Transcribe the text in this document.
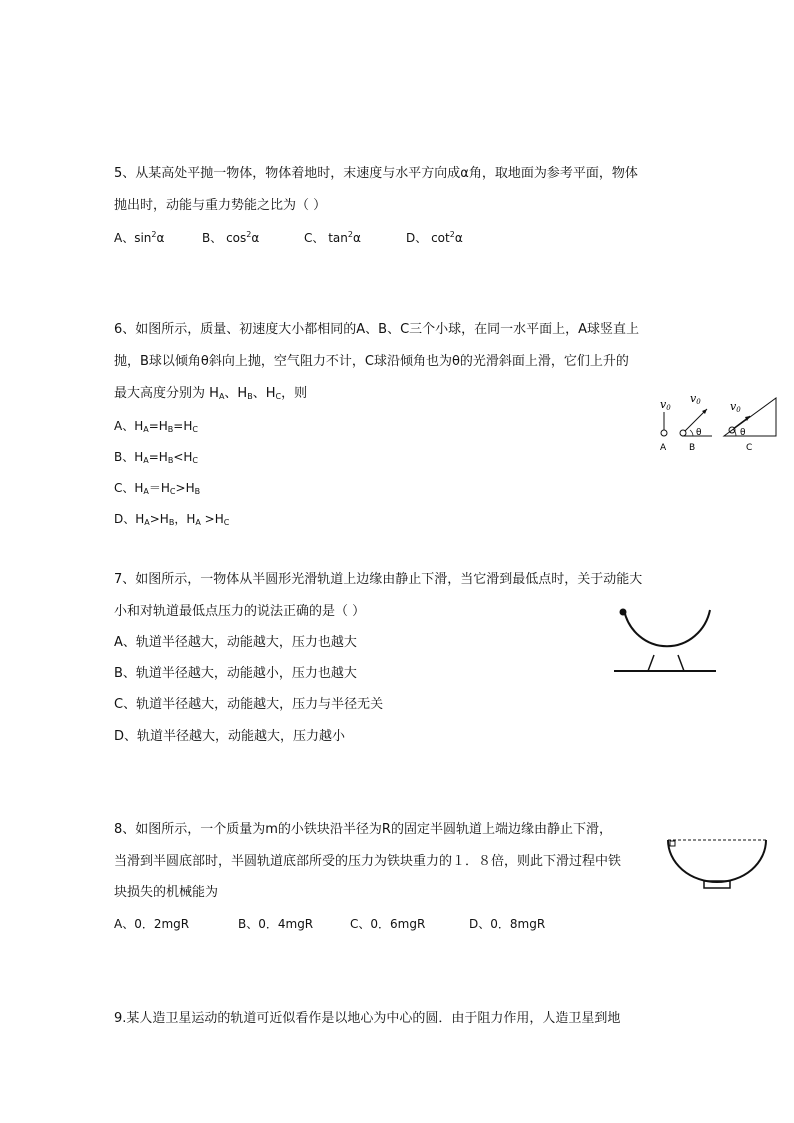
5、从某高处平抛一物体，物体着地时，末速度与水平方向成α角，取地面为参考平面，物体
抛出时，动能与重力势能之比为（ ）
A、$\sin^2\alpha$	B、 $\cos^2\alpha$	C、 $\tan^2\alpha$	D、 $\cot^2\alpha$
6、如图所示，质量、初速度大小都相同的A、B、C三个小球，在同一水平面上，A球竖直上
抛，B球以倾角θ斜向上抛，空气阻力不计，C球沿倾角也为θ的光滑斜面上滑，它们上升的
最大高度分别为 $H_A$、$H_B$、$H_C$，则
A、$H_A=H_B=H_C$
B、$H_A=H_B<H_C$
C、$H_A=H_C>H_B$
D、$H_A>H_B$，$H_A >H_C$
v0
A
θ
v0
B
θ
v0
C
7、如图所示，一物体从半圆形光滑轨道上边缘由静止下滑，当它滑到最低点时，关于动能大
小和对轨道最低点压力的说法正确的是（ ）
A、轨道半径越大，动能越大，压力也越大
B、轨道半径越大，动能越小，压力也越大
C、轨道半径越大，动能越大，压力与半径无关
D、轨道半径越大，动能越大，压力越小
8、如图所示，一个质量为m的小铁块沿半径为R的固定半圆轨道上端边缘由静止下滑，
当滑到半圆底部时，半圆轨道底部所受的压力为铁块重力的１．８倍，则此下滑过程中铁
块损失的机械能为
A、0．2mgR	B、0．4mgR	C、0．6mgR	D、0．8mgR
9.某人造卫星运动的轨道可近似看作是以地心为中心的圆．由于阻力作用，人造卫星到地
